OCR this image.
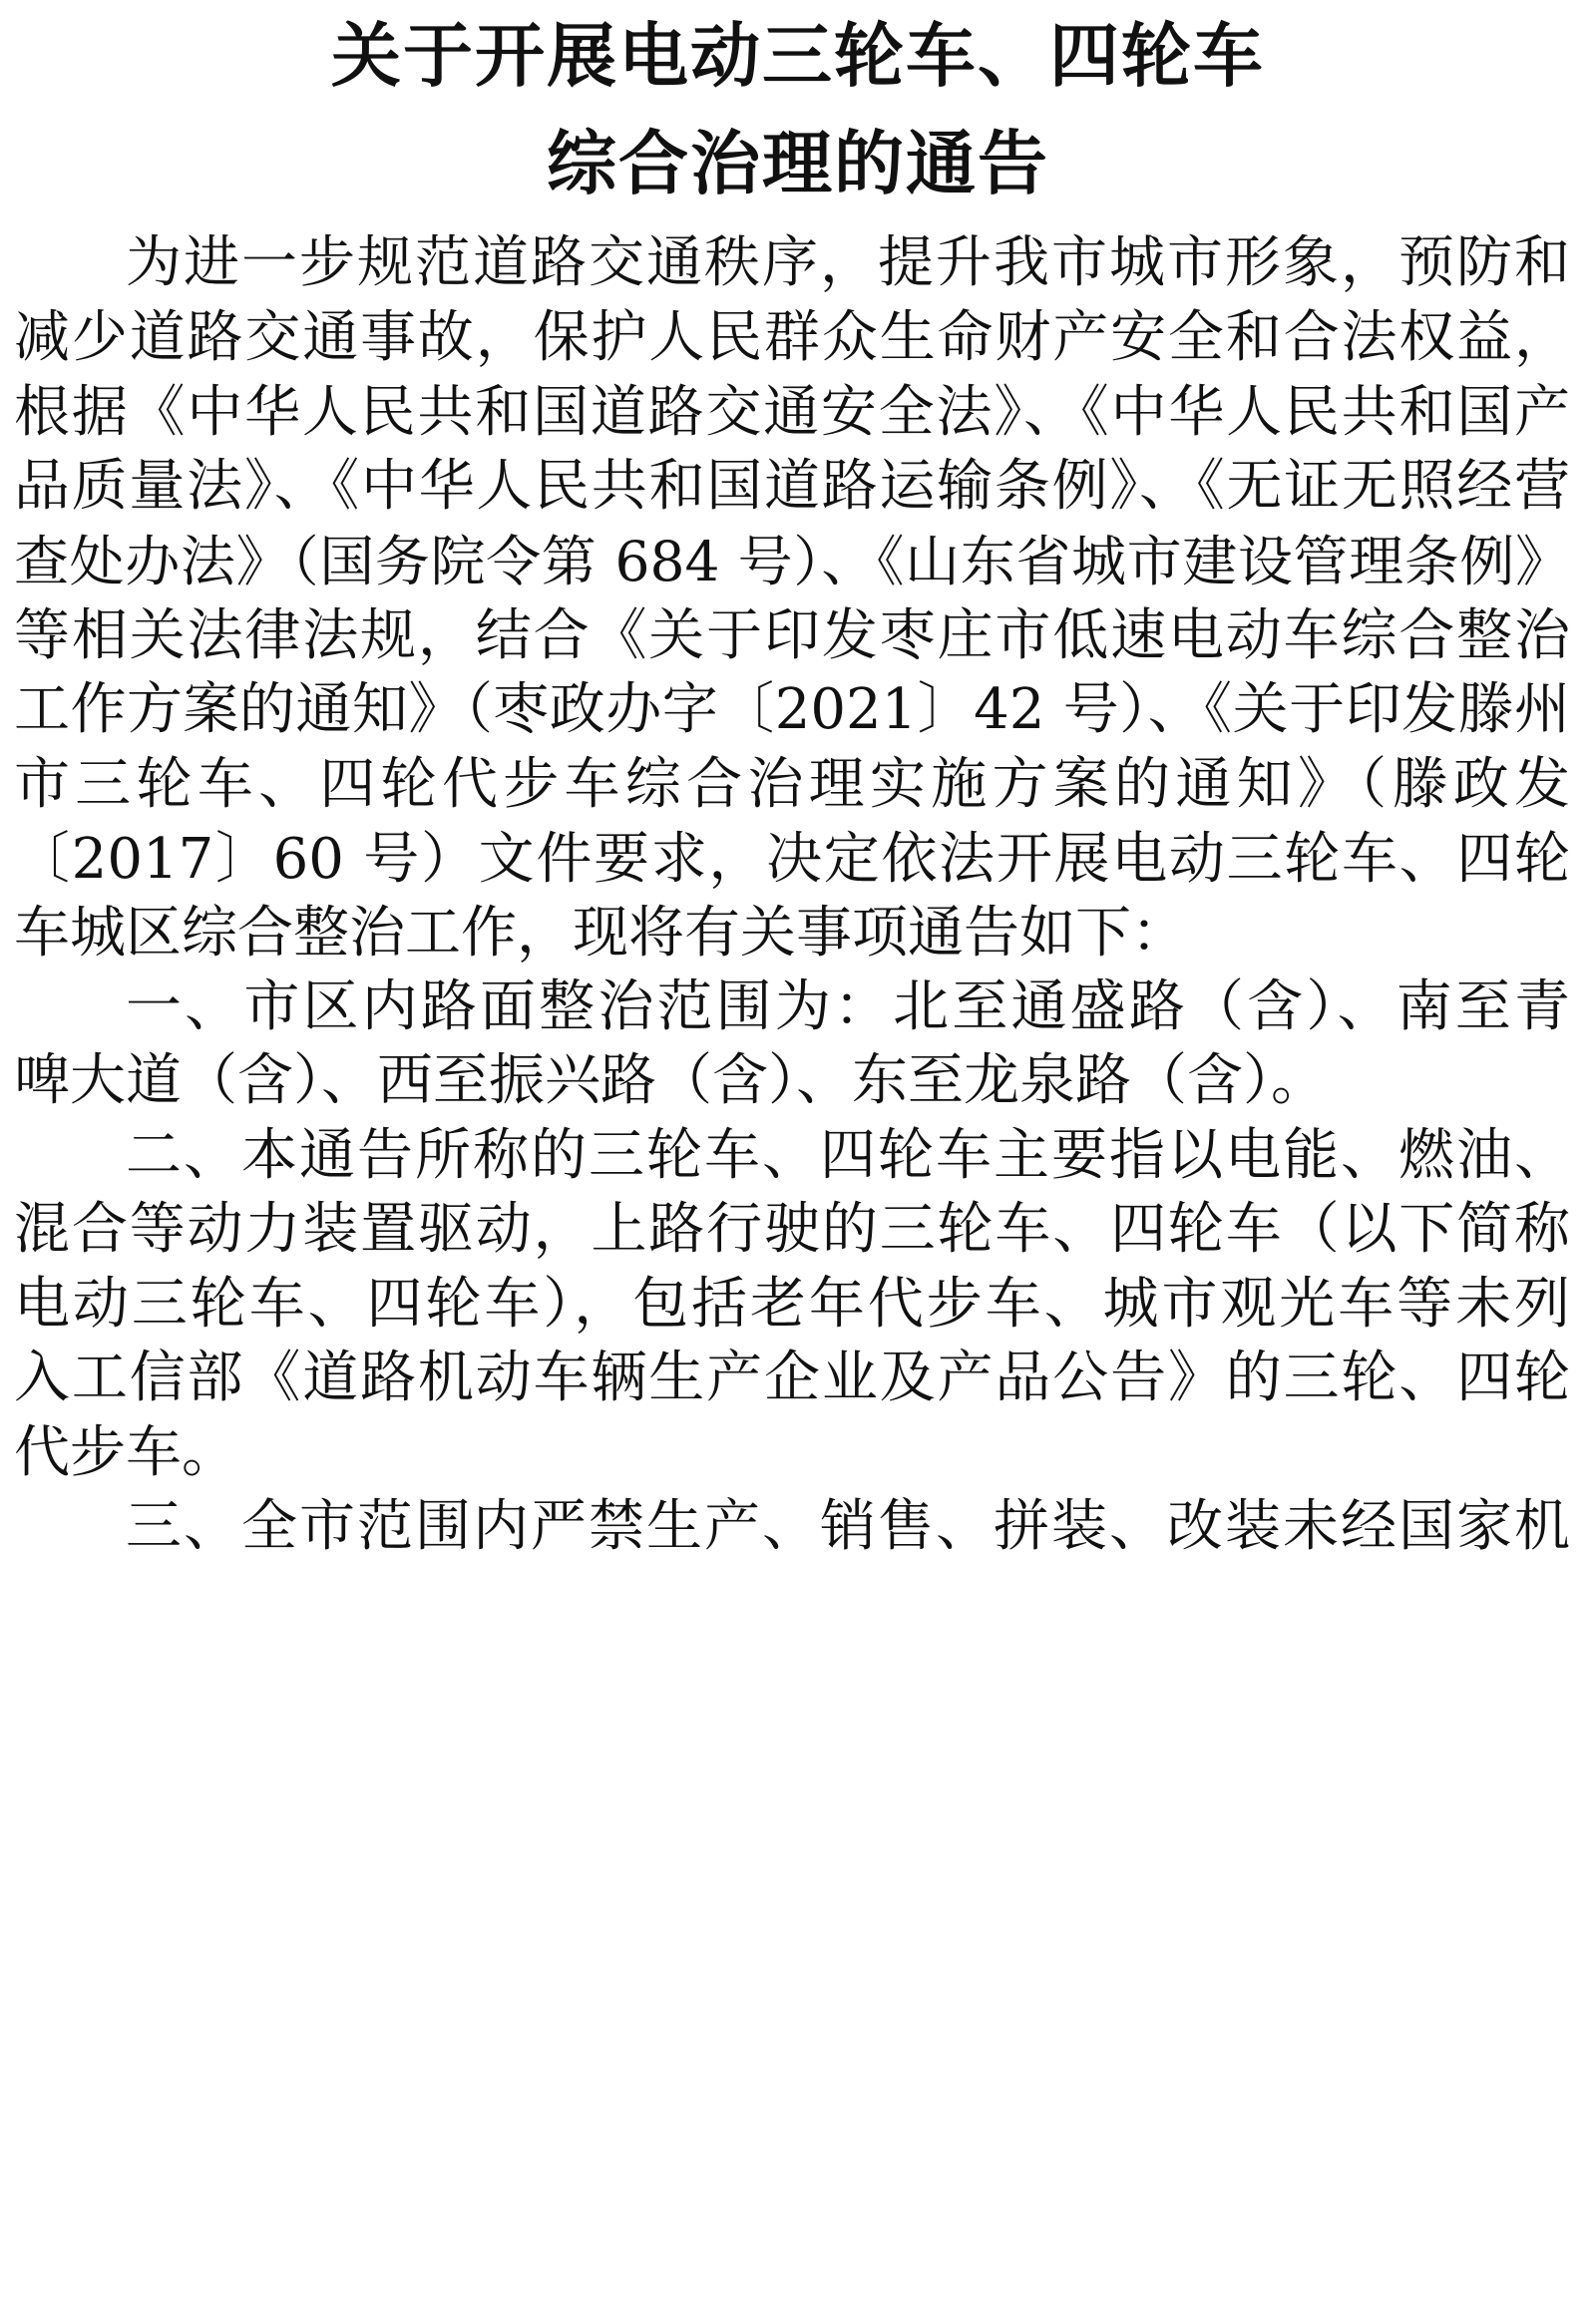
关于开展电动三轮车、四轮车
综合治理的通告
为进一步规范道路交通秩序，提升我市城市形象，预防和
减少道路交通事故，保护人民群众生命财产安全和合法权益，
根据《中华人民共和国道路交通安全法》、《中华人民共和国产
品质量法》、《中华人民共和国道路运输条例》、《无证无照经营
查处办法》（国务院令第 684 号）、《山东省城市建设管理条例》
等相关法律法规，结合《关于印发枣庄市低速电动车综合整治
工作方案的通知》（枣政办字〔2021〕42 号）、《关于印发滕州
市三轮车、四轮代步车综合治理实施方案的通知》（滕政发
〔2017〕60 号）文件要求，决定依法开展电动三轮车、四轮
车城区综合整治工作，现将有关事项通告如下：
一、市区内路面整治范围为：北至通盛路（含）、南至青
啤大道（含）、西至振兴路（含）、东至龙泉路（含）。
二、本通告所称的三轮车、四轮车主要指以电能、燃油、
混合等动力装置驱动，上路行驶的三轮车、四轮车（以下简称
电动三轮车、四轮车），包括老年代步车、城市观光车等未列
入工信部《道路机动车辆生产企业及产品公告》的三轮、四轮
代步车。
三、全市范围内严禁生产、销售、拼装、改装未经国家机
